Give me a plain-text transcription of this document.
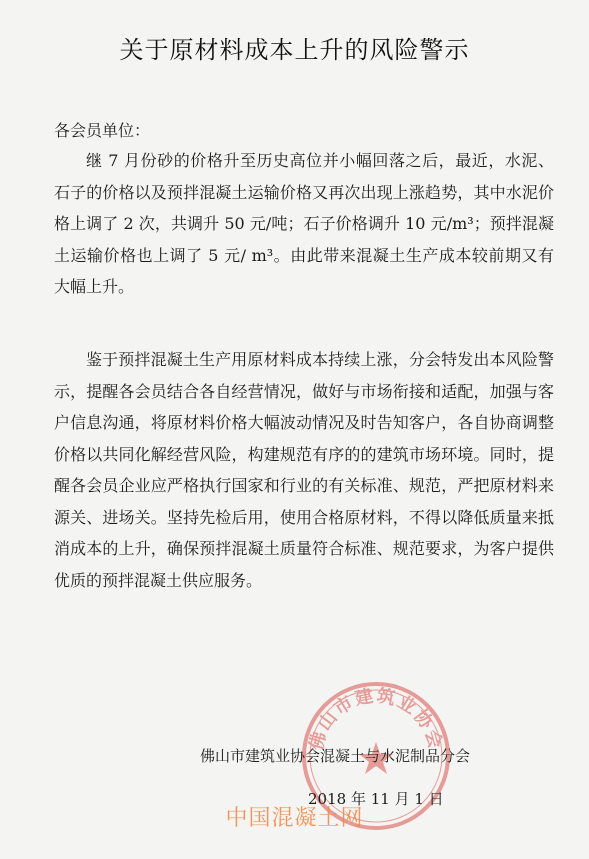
关于原材料成本上升的风险警示
各会员单位：
继 7 月份砂的价格升至历史高位并小幅回落之后，最近，水泥、石子的价格以及预拌混凝土运输价格又再次出现上涨趋势，其中水泥价格上调了 2 次，共调升 50 元/吨；石子价格调升 10 元/m³；预拌混凝土运输价格也上调了 5 元/ m³。由此带来混凝土生产成本较前期又有大幅上升。
鉴于预拌混凝土生产用原材料成本持续上涨，分会特发出本风险警示，提醒各会员结合各自经营情况，做好与市场衔接和适配，加强与客户信息沟通，将原材料价格大幅波动情况及时告知客户，各自协商调整价格以共同化解经营风险，构建规范有序的的建筑市场环境。同时，提醒各会员企业应严格执行国家和行业的有关标准、规范，严把原材料来源关、进场关。坚持先检后用，使用合格原材料，不得以降低质量来抵消成本的上升，确保预拌混凝土质量符合标准、规范要求，为客户提供优质的预拌混凝土供应服务。
佛山市建筑业协会
佛山市建筑业协会混凝土与水泥制品分会
2018 年 11 月 1 日
中国混凝土网
